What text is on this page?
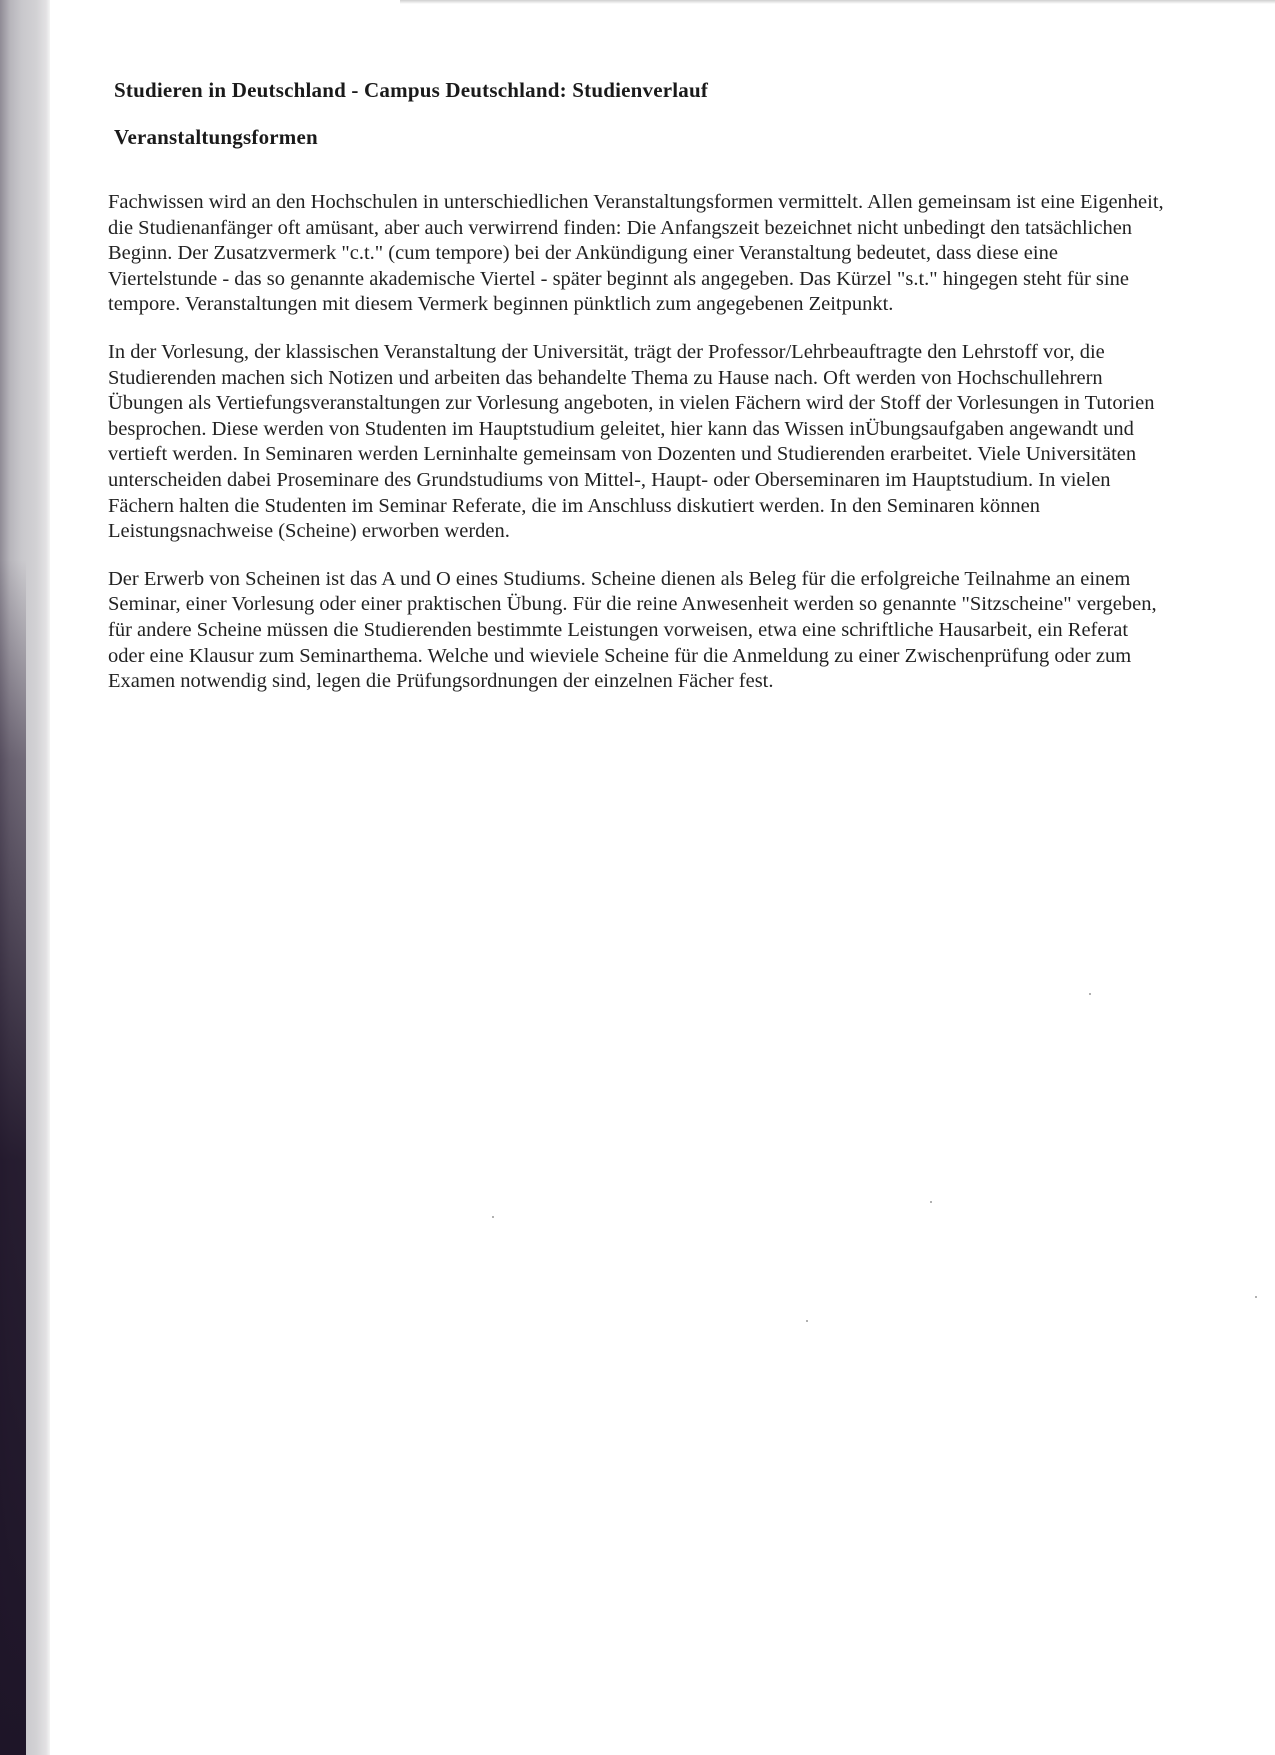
Studieren in Deutschland - Campus Deutschland: Studienverlauf
Veranstaltungsformen

Fachwissen wird an den Hochschulen in unterschiedlichen Veranstaltungsformen vermittelt. Allen gemeinsam ist eine Eigenheit, die Studienanfänger oft amüsant, aber auch verwirrend finden: Die Anfangszeit bezeichnet nicht unbedingt den tatsächlichen Beginn. Der Zusatzvermerk "c.t." (cum tempore) bei der Ankündigung einer Veranstaltung bedeutet, dass diese eine Viertelstunde - das so genannte akademische Viertel - später beginnt als angegeben. Das Kürzel "s.t." hingegen steht für sine tempore. Veranstaltungen mit diesem Vermerk beginnen pünktlich zum angegebenen Zeitpunkt.

In der Vorlesung, der klassischen Veranstaltung der Universität, trägt der Professor/Lehrbeauftragte den Lehrstoff vor, die Studierenden machen sich Notizen und arbeiten das behandelte Thema zu Hause nach. Oft werden von Hochschullehrern Übungen als Vertiefungsveranstaltungen zur Vorlesung angeboten, in vielen Fächern wird der Stoff der Vorlesungen in Tutorien besprochen. Diese werden von Studenten im Hauptstudium geleitet, hier kann das Wissen inÜbungsaufgaben angewandt und vertieft werden. In Seminaren werden Lerninhalte gemeinsam von Dozenten und Studierenden erarbeitet. Viele Universitäten unterscheiden dabei Proseminare des Grundstudiums von Mittel-, Haupt- oder Oberseminaren im Hauptstudium. In vielen Fächern halten die Studenten im Seminar Referate, die im Anschluss diskutiert werden. In den Seminaren können Leistungsnachweise (Scheine) erworben werden.

Der Erwerb von Scheinen ist das A und O eines Studiums. Scheine dienen als Beleg für die erfolgreiche Teilnahme an einem Seminar, einer Vorlesung oder einer praktischen Übung. Für die reine Anwesenheit werden so genannte "Sitzscheine" vergeben, für andere Scheine müssen die Studierenden bestimmte Leistungen vorweisen, etwa eine schriftliche Hausarbeit, ein Referat oder eine Klausur zum Seminarthema. Welche und wieviele Scheine für die Anmeldung zu einer Zwischenprüfung oder zum Examen notwendig sind, legen die Prüfungsordnungen der einzelnen Fächer fest.
